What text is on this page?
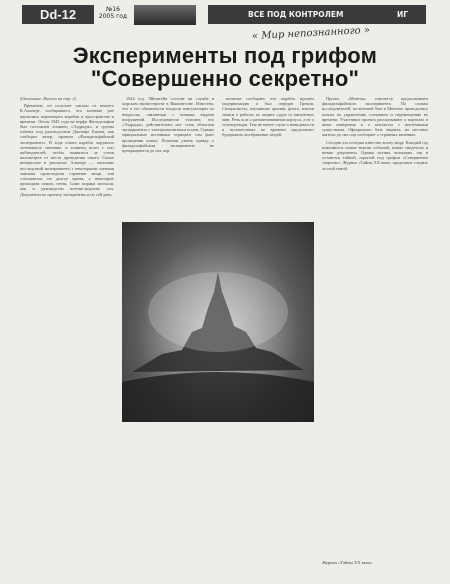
Dd-12	№16
2005 год	ВСЕ ПОД КОНТРОЛЕМ	ИГ
« Мир непознанного »
Эксперименты под грифом
"Совершенно секретно"
(Окончание. Начало на стр. 2)

Временем, он получает письмо от некоего К.Альенде, сообщавшего, что военные уже научились перемещать корабли в пространстве и времени. Летом 1943 года на верфи Филадельфии был поставлен эсминец «Элдридж», и группа учёных под руководством Джозефа Бэкона, как сообщает автор, провела «Филадельфийский эксперимент». В ходе опыта корабль окружило зеленоватое свечение, и эсминец исчез с глаз наблюдателей, чтобы появиться за сотни километров от места проведения опыта. Самое интересное в рассказах Альенде — описание последствий эксперимента: с некоторыми членами экипажа происходили странные вещи, они «застывали» на долгое время, а некоторые проходили сквозь стены. Сами моряки молчали, как и руководство военно-морских сил. Документы по проекту засекречены и по сей день.

1944 год. Эйнштейн состоит на службе в морском министерстве в Вашингтоне. Известно, что в его обязанности входили консультации по вопросам, связанным с новыми видами вооружений. Исследователи считают, что «Элдридж» действительно мог стать объектом эксперимента с электромагнитным полем. Однако официальные источники отрицают сам факт проведения опыта. Попытки узнать правду о филадельфийском эксперименте не прекращаются до сих пор.

военные сообщают, что корабль прошёл модернизацию и был передан Греции. Специалисты, изучавшие архивы флота, нашли записи о работах по защите судов от магнитных мин. Речь шла о размагничивании корпуса, а не о телепортации. Тем не менее слухи о невидимости и путешествиях во времени продолжают будоражить воображение людей.

Проект «Монток» считается продолжением филадельфийского эксперимента. По словам исследователей, на военной базе в Монтоке проводились опыты по управлению сознанием и перемещению во времени. Участники проекта рассказывают о порталах в иные измерения и о контактах с внеземными существами. Официально база закрыта, но местные жители до сих пор сообщают о странных явлениях.

Сегодня эта история известна всему миру. Каждый год появляются новые версии событий, новые свидетели и новые документы. Однако истина, возможно, так и останется тайной, скрытой под грифом «Совершенно секретно». Журнал «Тайны XX века» продолжит следить за этой темой.

Журнал «Тайны XX века»
